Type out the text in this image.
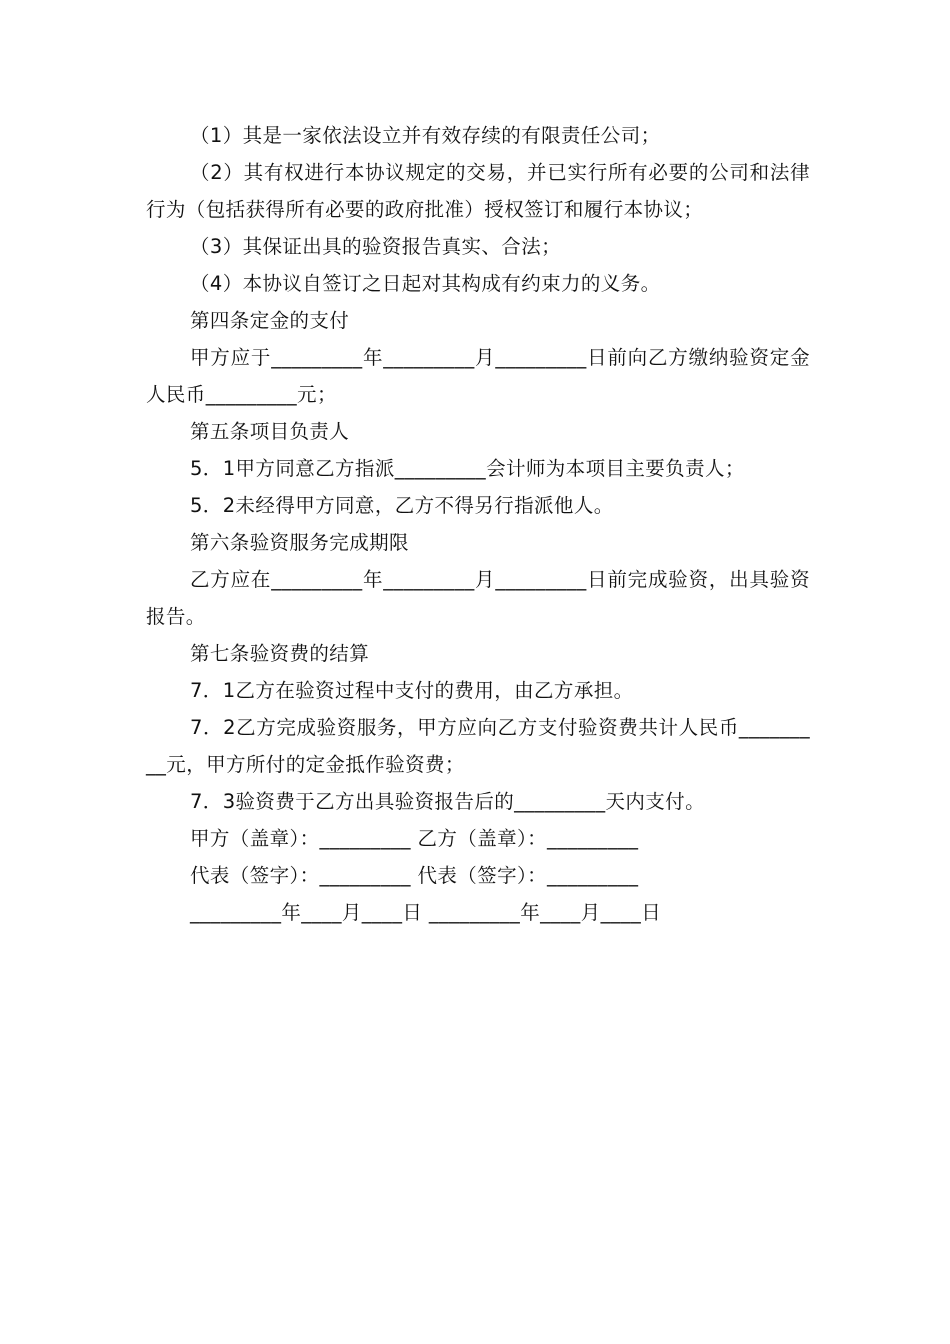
（1）其是一家依法设立并有效存续的有限责任公司；

（2）其有权进行本协议规定的交易，并已实行所有必要的公司和法律行为（包括获得所有必要的政府批准）授权签订和履行本协议；

（3）其保证出具的验资报告真实、合法；

（4）本协议自签订之日起对其构成有约束力的义务。

第四条定金的支付

甲方应于_________年_________月_________日前向乙方缴纳验资定金人民币_________元；

第五条项目负责人

5．1甲方同意乙方指派_________会计师为本项目主要负责人；

5．2未经得甲方同意，乙方不得另行指派他人。

第六条验资服务完成期限

乙方应在_________年_________月_________日前完成验资，出具验资报告。

第七条验资费的结算

7．1乙方在验资过程中支付的费用，由乙方承担。

7．2乙方完成验资服务，甲方应向乙方支付验资费共计人民币_________元，甲方所付的定金抵作验资费；

7．3验资费于乙方出具验资报告后的_________天内支付。

甲方（盖章）：_________ 乙方（盖章）：_________

代表（签字）：_________ 代表（签字）：_________

_________年____月____日 _________年____月____日
